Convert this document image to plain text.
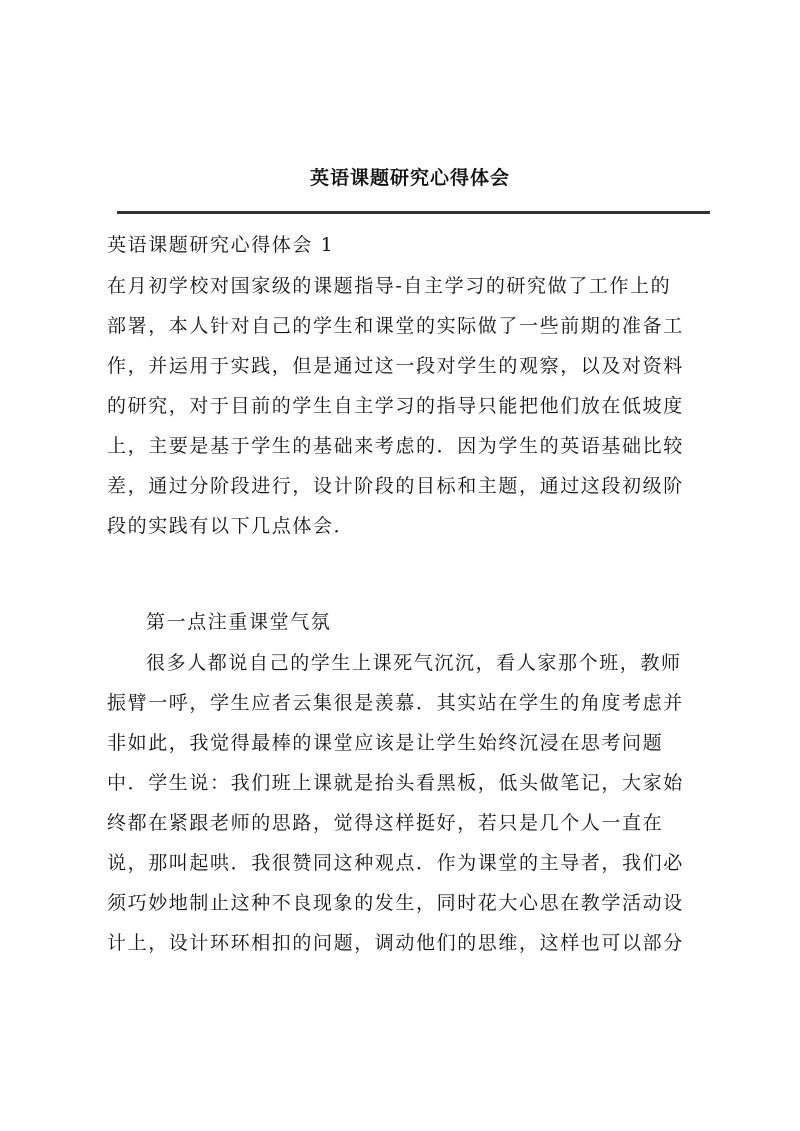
英语课题研究心得体会
英语课题研究心得体会 1
在月初学校对国家级的课题指导-自主学习的研究做了工作上的
部署，本人针对自己的学生和课堂的实际做了一些前期的准备工
作，并运用于实践，但是通过这一段对学生的观察，以及对资料
的研究，对于目前的学生自主学习的指导只能把他们放在低坡度
上，主要是基于学生的基础来考虑的．因为学生的英语基础比较
差，通过分阶段进行，设计阶段的目标和主题，通过这段初级阶
段的实践有以下几点体会．
第一点注重课堂气氛
很多人都说自己的学生上课死气沉沉，看人家那个班，教师
振臂一呼，学生应者云集很是羡慕．其实站在学生的角度考虑并
非如此，我觉得最棒的课堂应该是让学生始终沉浸在思考问题
中．学生说：我们班上课就是抬头看黑板，低头做笔记，大家始
终都在紧跟老师的思路，觉得这样挺好，若只是几个人一直在
说，那叫起哄．我很赞同这种观点．作为课堂的主导者，我们必
须巧妙地制止这种不良现象的发生，同时花大心思在教学活动设
计上，设计环环相扣的问题，调动他们的思维，这样也可以部分
